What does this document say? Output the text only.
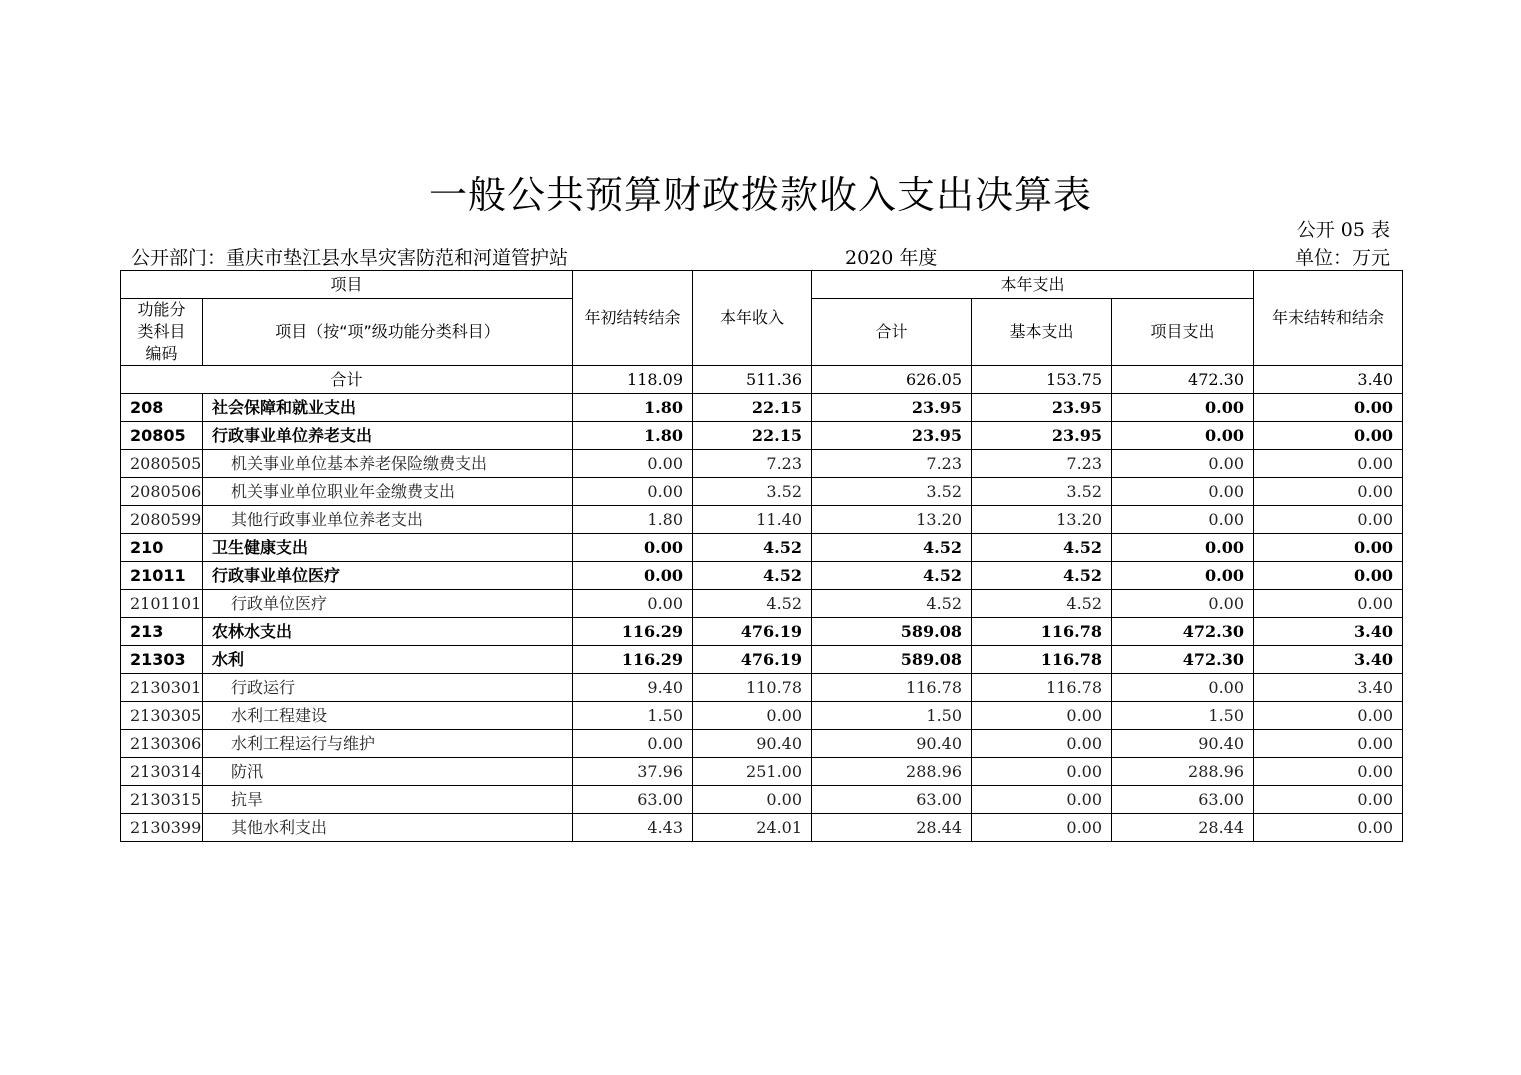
一般公共预算财政拨款收入支出决算表
公开 05 表
公开部门：重庆市垫江县水旱灾害防范和河道管护站	2020 年度	单位：万元
项目		年初结转结余	本年收入	本年支出			年末结转和结余
功能分类科目编码	项目（按“项”级功能分类科目）			合计	基本支出	项目支出	
合计		118.09	511.36	626.05	153.75	472.30	3.40
208	社会保障和就业支出	1.80	22.15	23.95	23.95	0.00	0.00
20805	行政事业单位养老支出	1.80	22.15	23.95	23.95	0.00	0.00
2080505	机关事业单位基本养老保险缴费支出	0.00	7.23	7.23	7.23	0.00	0.00
2080506	机关事业单位职业年金缴费支出	0.00	3.52	3.52	3.52	0.00	0.00
2080599	其他行政事业单位养老支出	1.80	11.40	13.20	13.20	0.00	0.00
210	卫生健康支出	0.00	4.52	4.52	4.52	0.00	0.00
21011	行政事业单位医疗	0.00	4.52	4.52	4.52	0.00	0.00
2101101	行政单位医疗	0.00	4.52	4.52	4.52	0.00	0.00
213	农林水支出	116.29	476.19	589.08	116.78	472.30	3.40
21303	水利	116.29	476.19	589.08	116.78	472.30	3.40
2130301	行政运行	9.40	110.78	116.78	116.78	0.00	3.40
2130305	水利工程建设	1.50	0.00	1.50	0.00	1.50	0.00
2130306	水利工程运行与维护	0.00	90.40	90.40	0.00	90.40	0.00
2130314	防汛	37.96	251.00	288.96	0.00	288.96	0.00
2130315	抗旱	63.00	0.00	63.00	0.00	63.00	0.00
2130399	其他水利支出	4.43	24.01	28.44	0.00	28.44	0.00
